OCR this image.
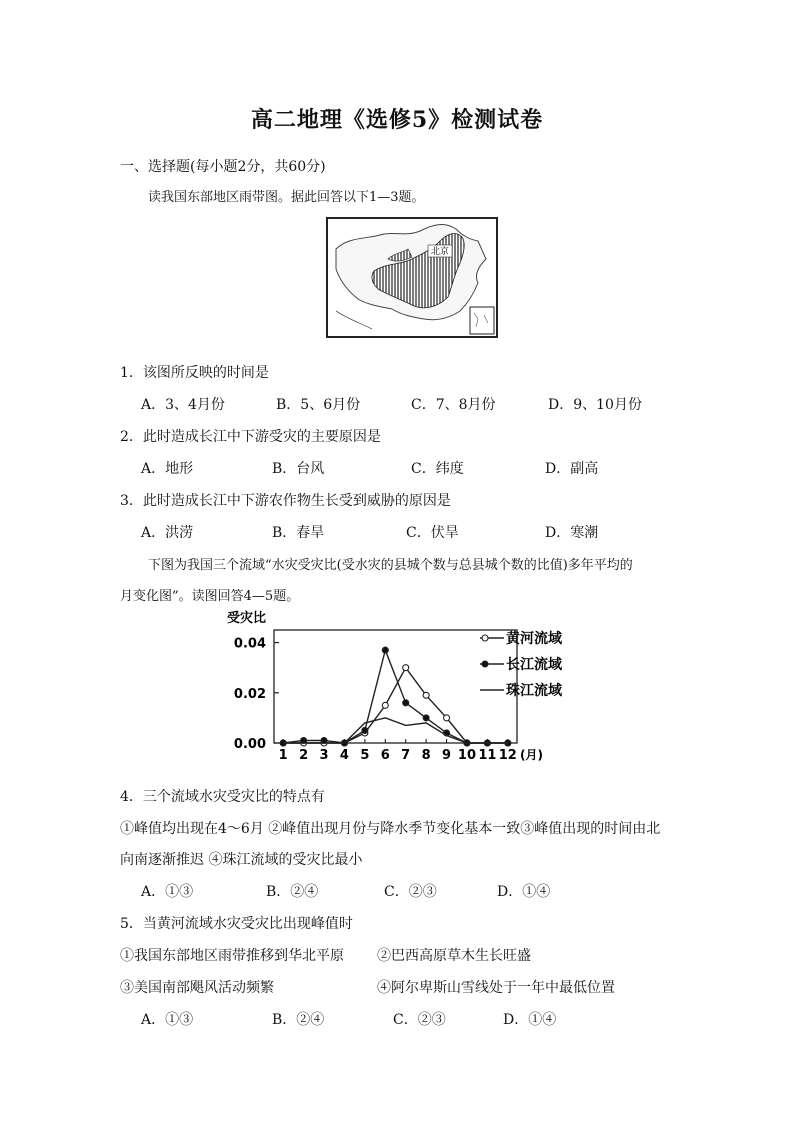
高二地理《选修5》检测试卷
一、选择题(每小题2分，共60分)
读我国东部地区雨带图。据此回答以下1—3题。
北京
1．该图所反映的时间是
A．3、4月份	B．5、6月份	C．7、8月份	D．9、10月份
2．此时造成长江中下游受灾的主要原因是
A．地形	B．台风	C．纬度	D．副高
3．此时造成长江中下游农作物生长受到威胁的原因是
A．洪涝	B．春旱	C．伏旱	D．寒潮
下图为我国三个流域“水灾受灾比(受水灾的县城个数与总县城个数的比值)多年平均的
月变化图”。读图回答4—5题。
受灾比
0.00
0.02
0.04
1 2 3 4 5 6 7 8 9 10 11 12 (月)
黄河流域
长江流域
珠江流域
4．三个流域水灾受灾比的特点有
①峰值均出现在4～6月 ②峰值出现月份与降水季节变化基本一致③峰值出现的时间由北
向南逐渐推迟 ④珠江流域的受灾比最小
A．①③	B．②④	C．②③	D．①④
5．当黄河流域水灾受灾比出现峰值时
①我国东部地区雨带推移到华北平原 ②巴西高原草木生长旺盛
③美国南部飓风活动频繁	④阿尔卑斯山雪线处于一年中最低位置
A．①③	B．②④	C．②③	D．①④
